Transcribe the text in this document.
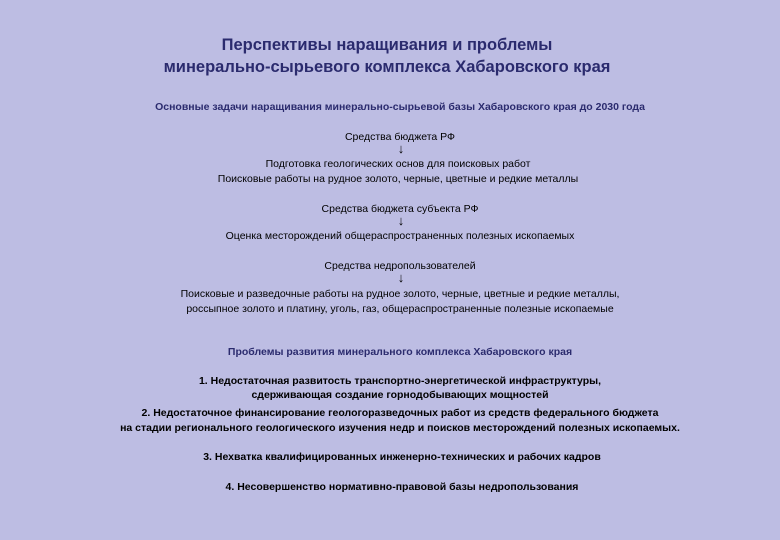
Перспективы наращивания и проблемы
минерально-сырьевого комплекса Хабаровского края
Основные задачи наращивания минерально-сырьевой базы Хабаровского края до 2030 года
Средства бюджета РФ
↓
Подготовка геологических основ для поисковых работ
Поисковые работы на рудное золото, черные, цветные и редкие металлы
Средства бюджета субъекта РФ
↓
Оценка месторождений общераспространенных полезных ископаемых
Средства недропользователей
↓
Поисковые и разведочные работы на рудное золото, черные, цветные и редкие металлы,
россыпное золото и платину, уголь, газ, общераспространенные полезные ископаемые
Проблемы развития минерального комплекса Хабаровского края
1. Недостаточная развитость транспортно-энергетической инфраструктуры,
сдерживающая создание горнодобывающих мощностей
2. Недостаточное финансирование геологоразведочных работ из средств федерального бюджета
на стадии регионального геологического изучения недр и поисков месторождений полезных ископаемых.
3. Нехватка квалифицированных инженерно-технических и рабочих кадров
4. Несовершенство нормативно-правовой базы недропользования
